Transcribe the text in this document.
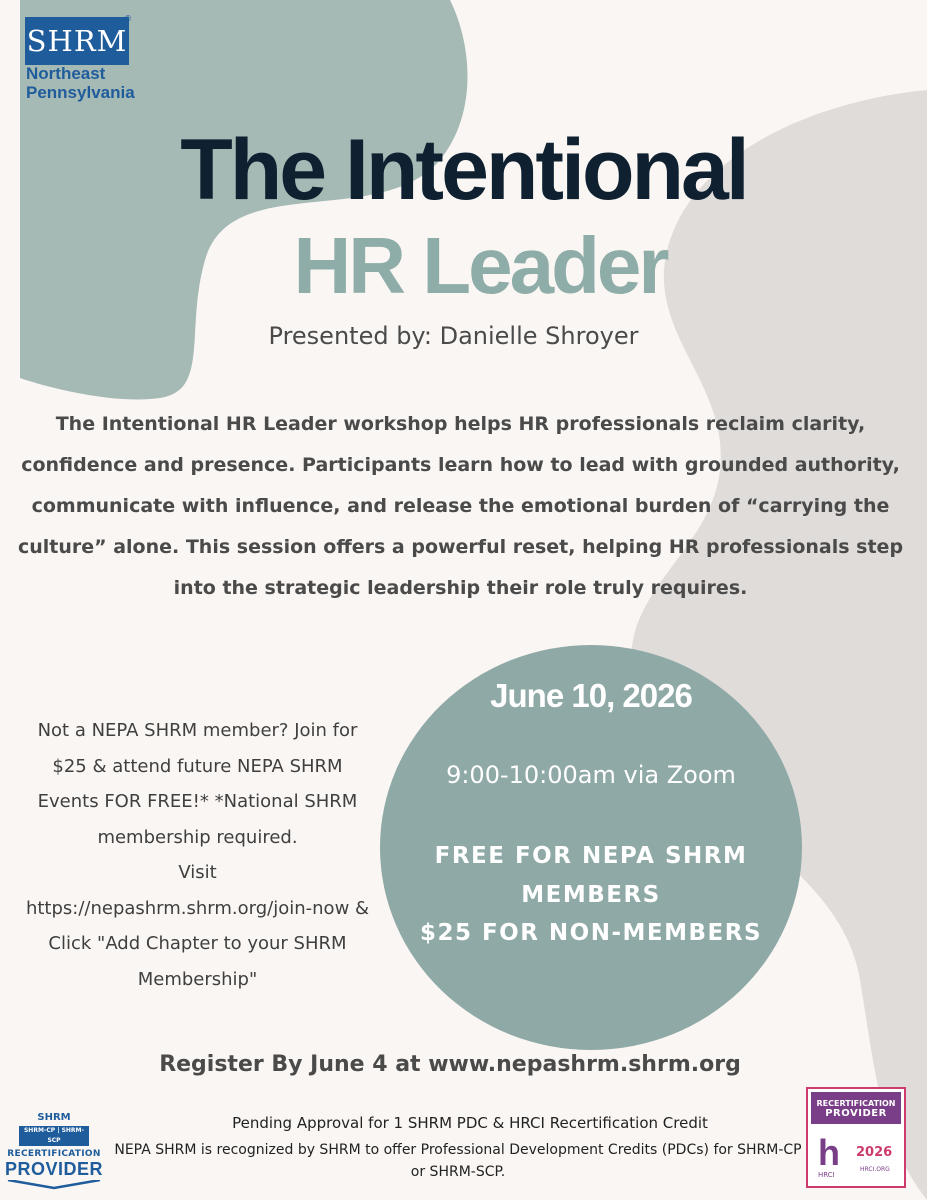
SHRM
®
Northeast
Pennsylvania
The Intentional
HR Leader
Presented by: Danielle Shroyer
The Intentional HR Leader workshop helps HR professionals reclaim clarity, confidence and presence. Participants learn how to lead with grounded authority, communicate with influence, and release the emotional burden of “carrying the culture” alone. This session offers a powerful reset, helping HR professionals step into the strategic leadership their role truly requires.
Not a NEPA SHRM member? Join for $25 & attend future NEPA SHRM Events FOR FREE!* *National SHRM membership required.
Visit
https://nepashrm.shrm.org/join-now & Click "Add Chapter to your SHRM Membership"
June 10, 2026
9:00-10:00am via Zoom
FREE FOR NEPA SHRM MEMBERS
$25 FOR NON-MEMBERS
Register By June 4 at www.nepashrm.shrm.org
Pending Approval for 1 SHRM PDC & HRCI Recertification Credit
NEPA SHRM is recognized by SHRM to offer Professional Development Credits (PDCs) for SHRM-CP or SHRM-SCP.
SHRM
SHRM-CP | SHRM-SCP
RECERTIFICATION
PROVIDER
RECERTIFICATION
PROVIDER
h
HRCI
2026
HRCI.ORG
